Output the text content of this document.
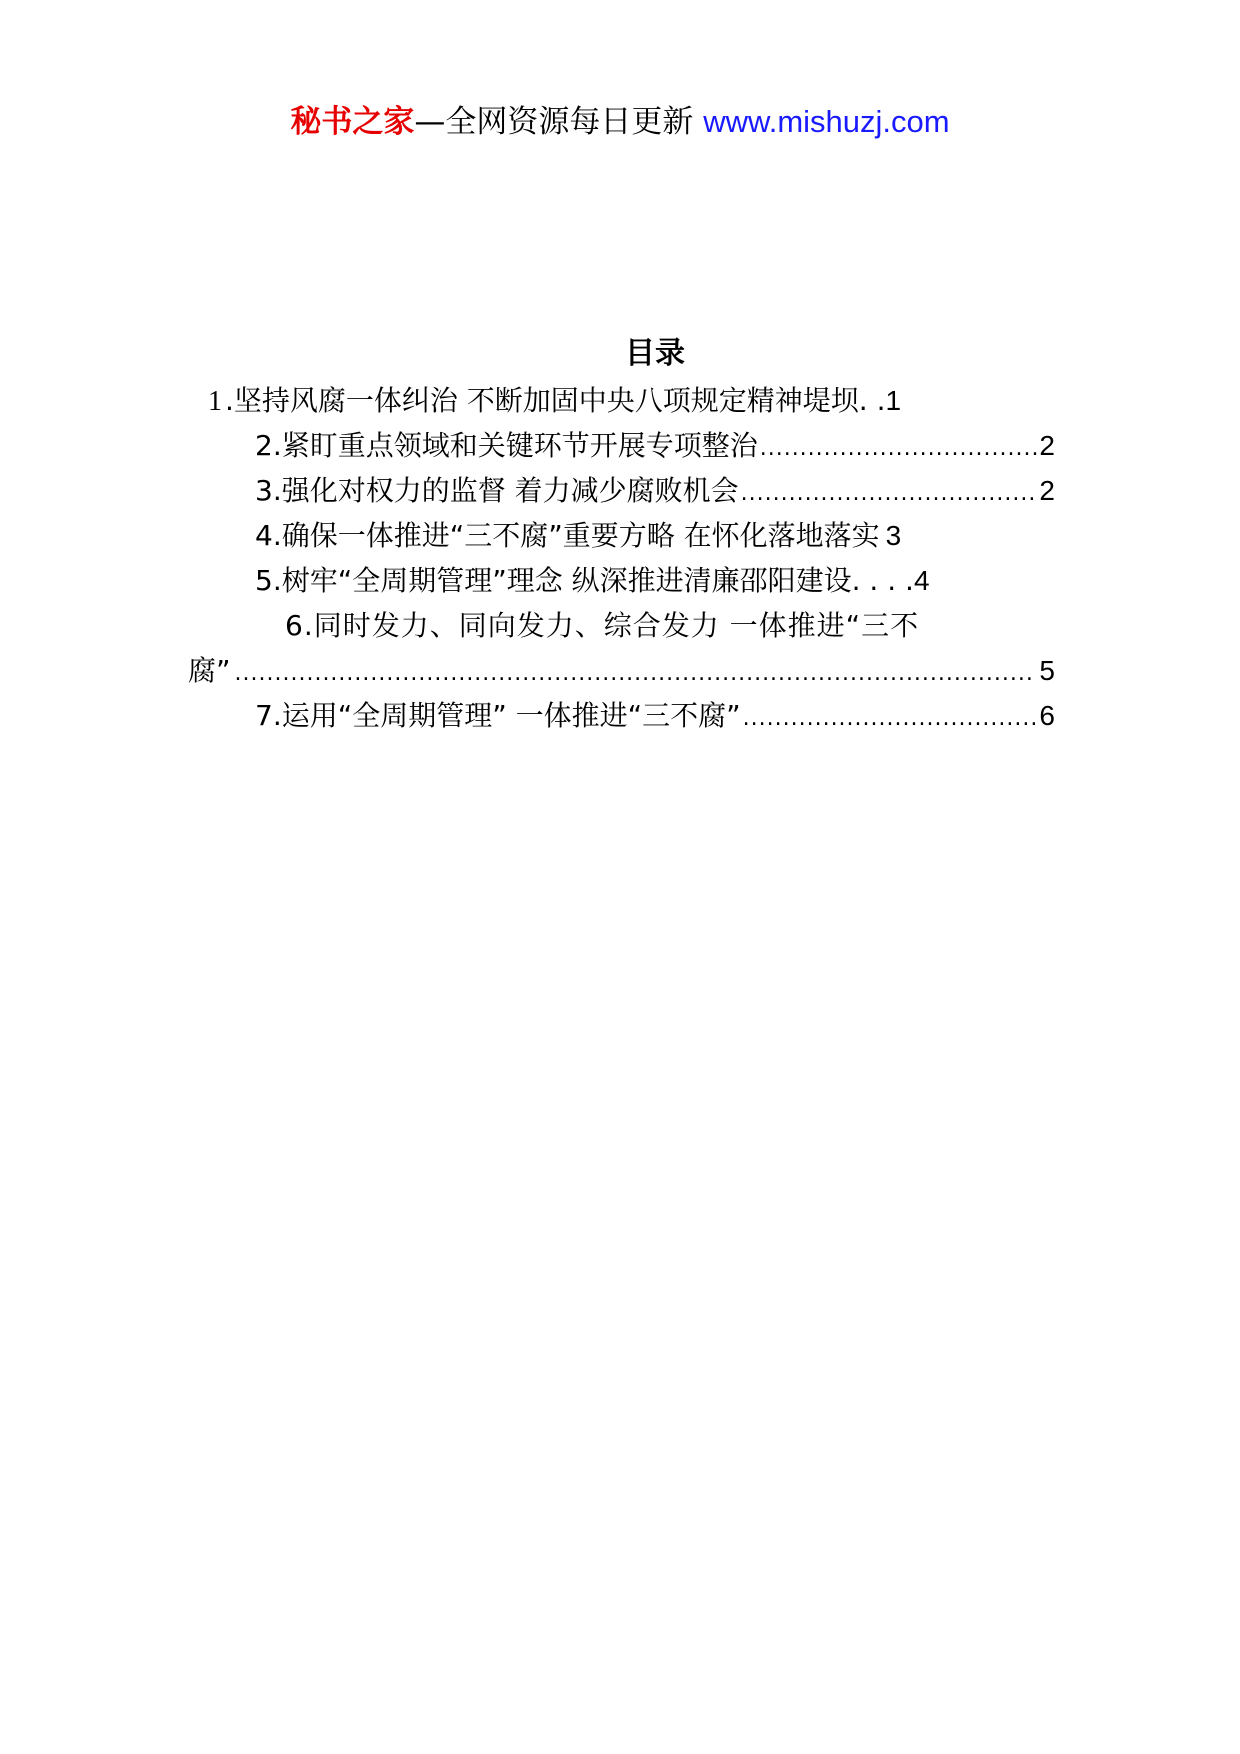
秘书之家—全网资源每日更新 www.mishuzj.com
目录
1 .坚持风腐一体纠治 不断加固中央八项规定精神堤坝. . 1
2.紧盯重点领域和关键环节开展专项整治 .....	2
3.强化对权力的监督 着力减少腐败机会 .....	2
4.确保一体推进“三不腐”重要方略 在怀化落地落实 3
5.树牢“全周期管理”理念 纵深推进清廉邵阳建设. . . . 4
6.同时发力、同向发力、综合发力 一体推进“三不
腐” .....	5
7.运用“全周期管理” 一体推进“三不腐” .....	6
